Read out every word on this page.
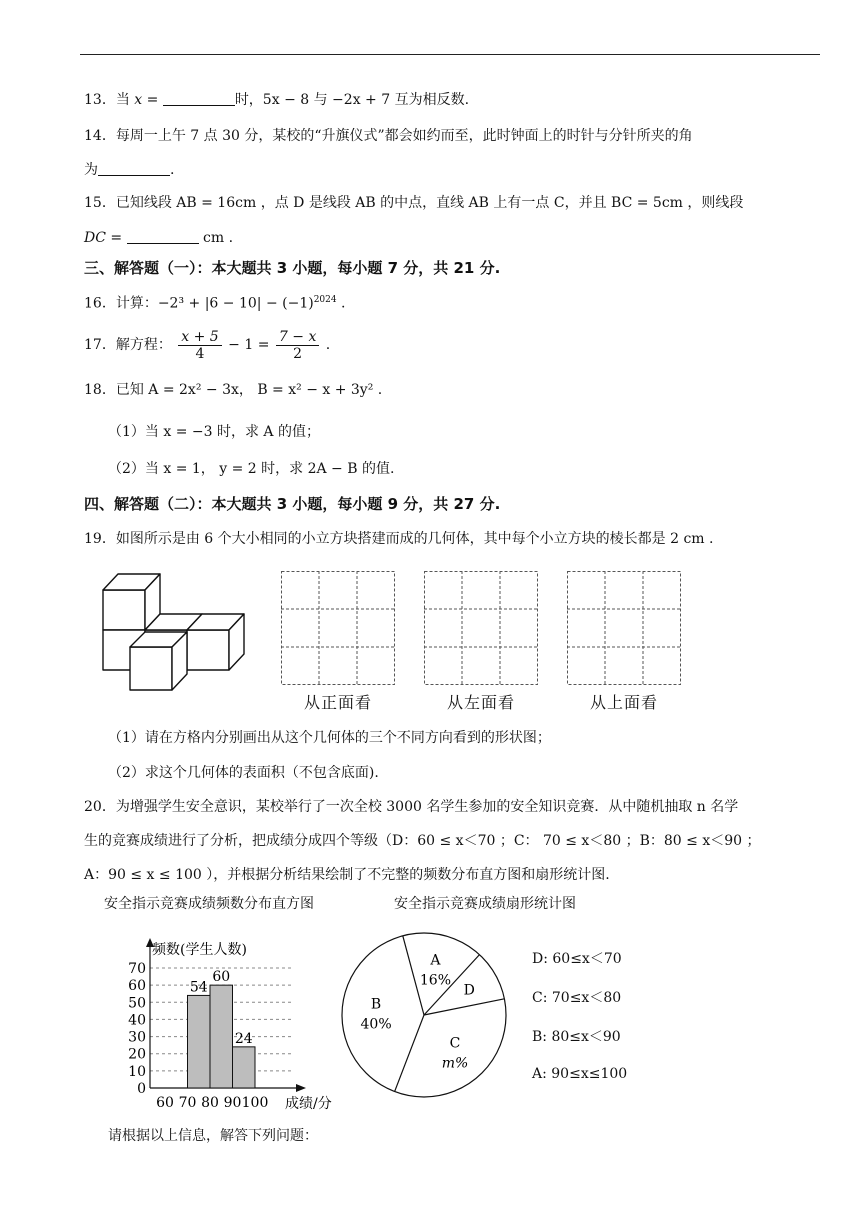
13．当 x =	时，5x − 8 与 −2x + 7 互为相反数.
14．每周一上午 7 点 30 分，某校的“升旗仪式”都会如约而至，此时钟面上的时针与分针所夹的角
为	.
15．已知线段 AB = 16cm ，点 D 是线段 AB 的中点，直线 AB 上有一点 C，并且 BC = 5cm ，则线段
DC =	cm .
三、解答题（一）：本大题共 3 小题，每小题 7 分，共 21 分.
16．计算：$-2^3 + |6 - 10| - (-1)^{2024}$ .
17．解方程： $\frac{x + 5}{4} - 1 = \frac{7 - x}{2}$ .
18．已知 A = 2x² − 3x， B = x² − x + 3y² .
（1）当 x = −3 时，求 A 的值；
（2）当 x = 1， y = 2 时，求 2A − B 的值.
四、解答题（二）：本大题共 3 小题，每小题 9 分，共 27 分.
19．如图所示是由 6 个大小相同的小立方块搭建而成的几何体，其中每个小立方块的棱长都是 2 cm .
从正面看	从左面看	从上面看
（1）请在方格内分别画出从这个几何体的三个不同方向看到的形状图；
（2）求这个几何体的表面积（不包含底面).
20．为增强学生安全意识，某校举行了一次全校 3000 名学生参加的安全知识竞赛．从中随机抽取 n 名学
生的竞赛成绩进行了分析，把成绩分成四个等级（D：60 ≤ x＜70 ；C： 70 ≤ x＜80 ；B：80 ≤ x＜90 ；
A：90 ≤ x ≤ 100 ），并根据分析结果绘制了不完整的频数分布直方图和扇形统计图.
安全指示竞赛成绩频数分布直方图	安全指示竞赛成绩扇形统计图
频数(学生人数)
成绩/分
0
10
20
30
40
50
60
70
60 70 80 90 100
54
60
24
A
16%
D
C
m%
B
40%
D: 60≤x＜70
C: 70≤x＜80
B: 80≤x＜90
A: 90≤x≤100
请根据以上信息，解答下列问题：
